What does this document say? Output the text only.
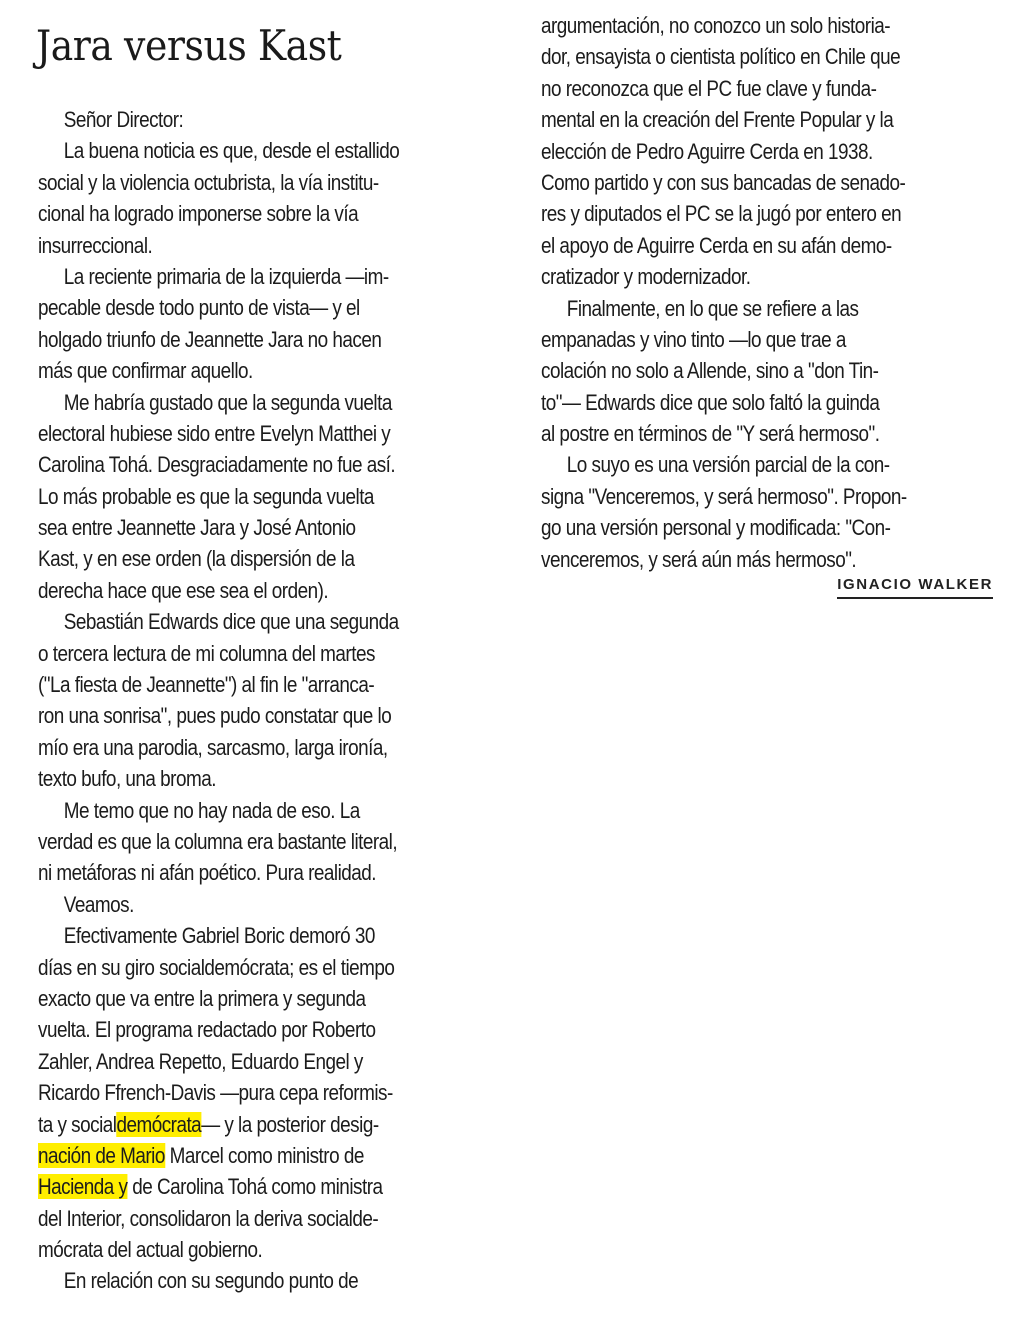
Jara versus Kast
Señor Director:
La buena noticia es que, desde el estallido
social y la violencia octubrista, la vía institu-
cional ha logrado imponerse sobre la vía
insurreccional.
La reciente primaria de la izquierda —im-
pecable desde todo punto de vista— y el
holgado triunfo de Jeannette Jara no hacen
más que confirmar aquello.
Me habría gustado que la segunda vuelta
electoral hubiese sido entre Evelyn Matthei y
Carolina Tohá. Desgraciadamente no fue así.
Lo más probable es que la segunda vuelta
sea entre Jeannette Jara y José Antonio
Kast, y en ese orden (la dispersión de la
derecha hace que ese sea el orden).
Sebastián Edwards dice que una segunda
o tercera lectura de mi columna del martes
("La fiesta de Jeannette") al fin le "arranca-
ron una sonrisa", pues pudo constatar que lo
mío era una parodia, sarcasmo, larga ironía,
texto bufo, una broma.
Me temo que no hay nada de eso. La
verdad es que la columna era bastante literal,
ni metáforas ni afán poético. Pura realidad.
Veamos.
Efectivamente Gabriel Boric demoró 30
días en su giro socialdemócrata; es el tiempo
exacto que va entre la primera y segunda
vuelta. El programa redactado por Roberto
Zahler, Andrea Repetto, Eduardo Engel y
Ricardo Ffrench-Davis —pura cepa reformis-
ta y socialdemócrata— y la posterior desig-
nación de Mario Marcel como ministro de
Hacienda y de Carolina Tohá como ministra
del Interior, consolidaron la deriva socialde-
mócrata del actual gobierno.
En relación con su segundo punto de
argumentación, no conozco un solo historia-
dor, ensayista o cientista político en Chile que
no reconozca que el PC fue clave y funda-
mental en la creación del Frente Popular y la
elección de Pedro Aguirre Cerda en 1938.
Como partido y con sus bancadas de senado-
res y diputados el PC se la jugó por entero en
el apoyo de Aguirre Cerda en su afán demo-
cratizador y modernizador.
Finalmente, en lo que se refiere a las
empanadas y vino tinto —lo que trae a
colación no solo a Allende, sino a "don Tin-
to"— Edwards dice que solo faltó la guinda
al postre en términos de "Y será hermoso".
Lo suyo es una versión parcial de la con-
signa "Venceremos, y será hermoso". Propon-
go una versión personal y modificada: "Con-
venceremos, y será aún más hermoso".
IGNACIO WALKER
